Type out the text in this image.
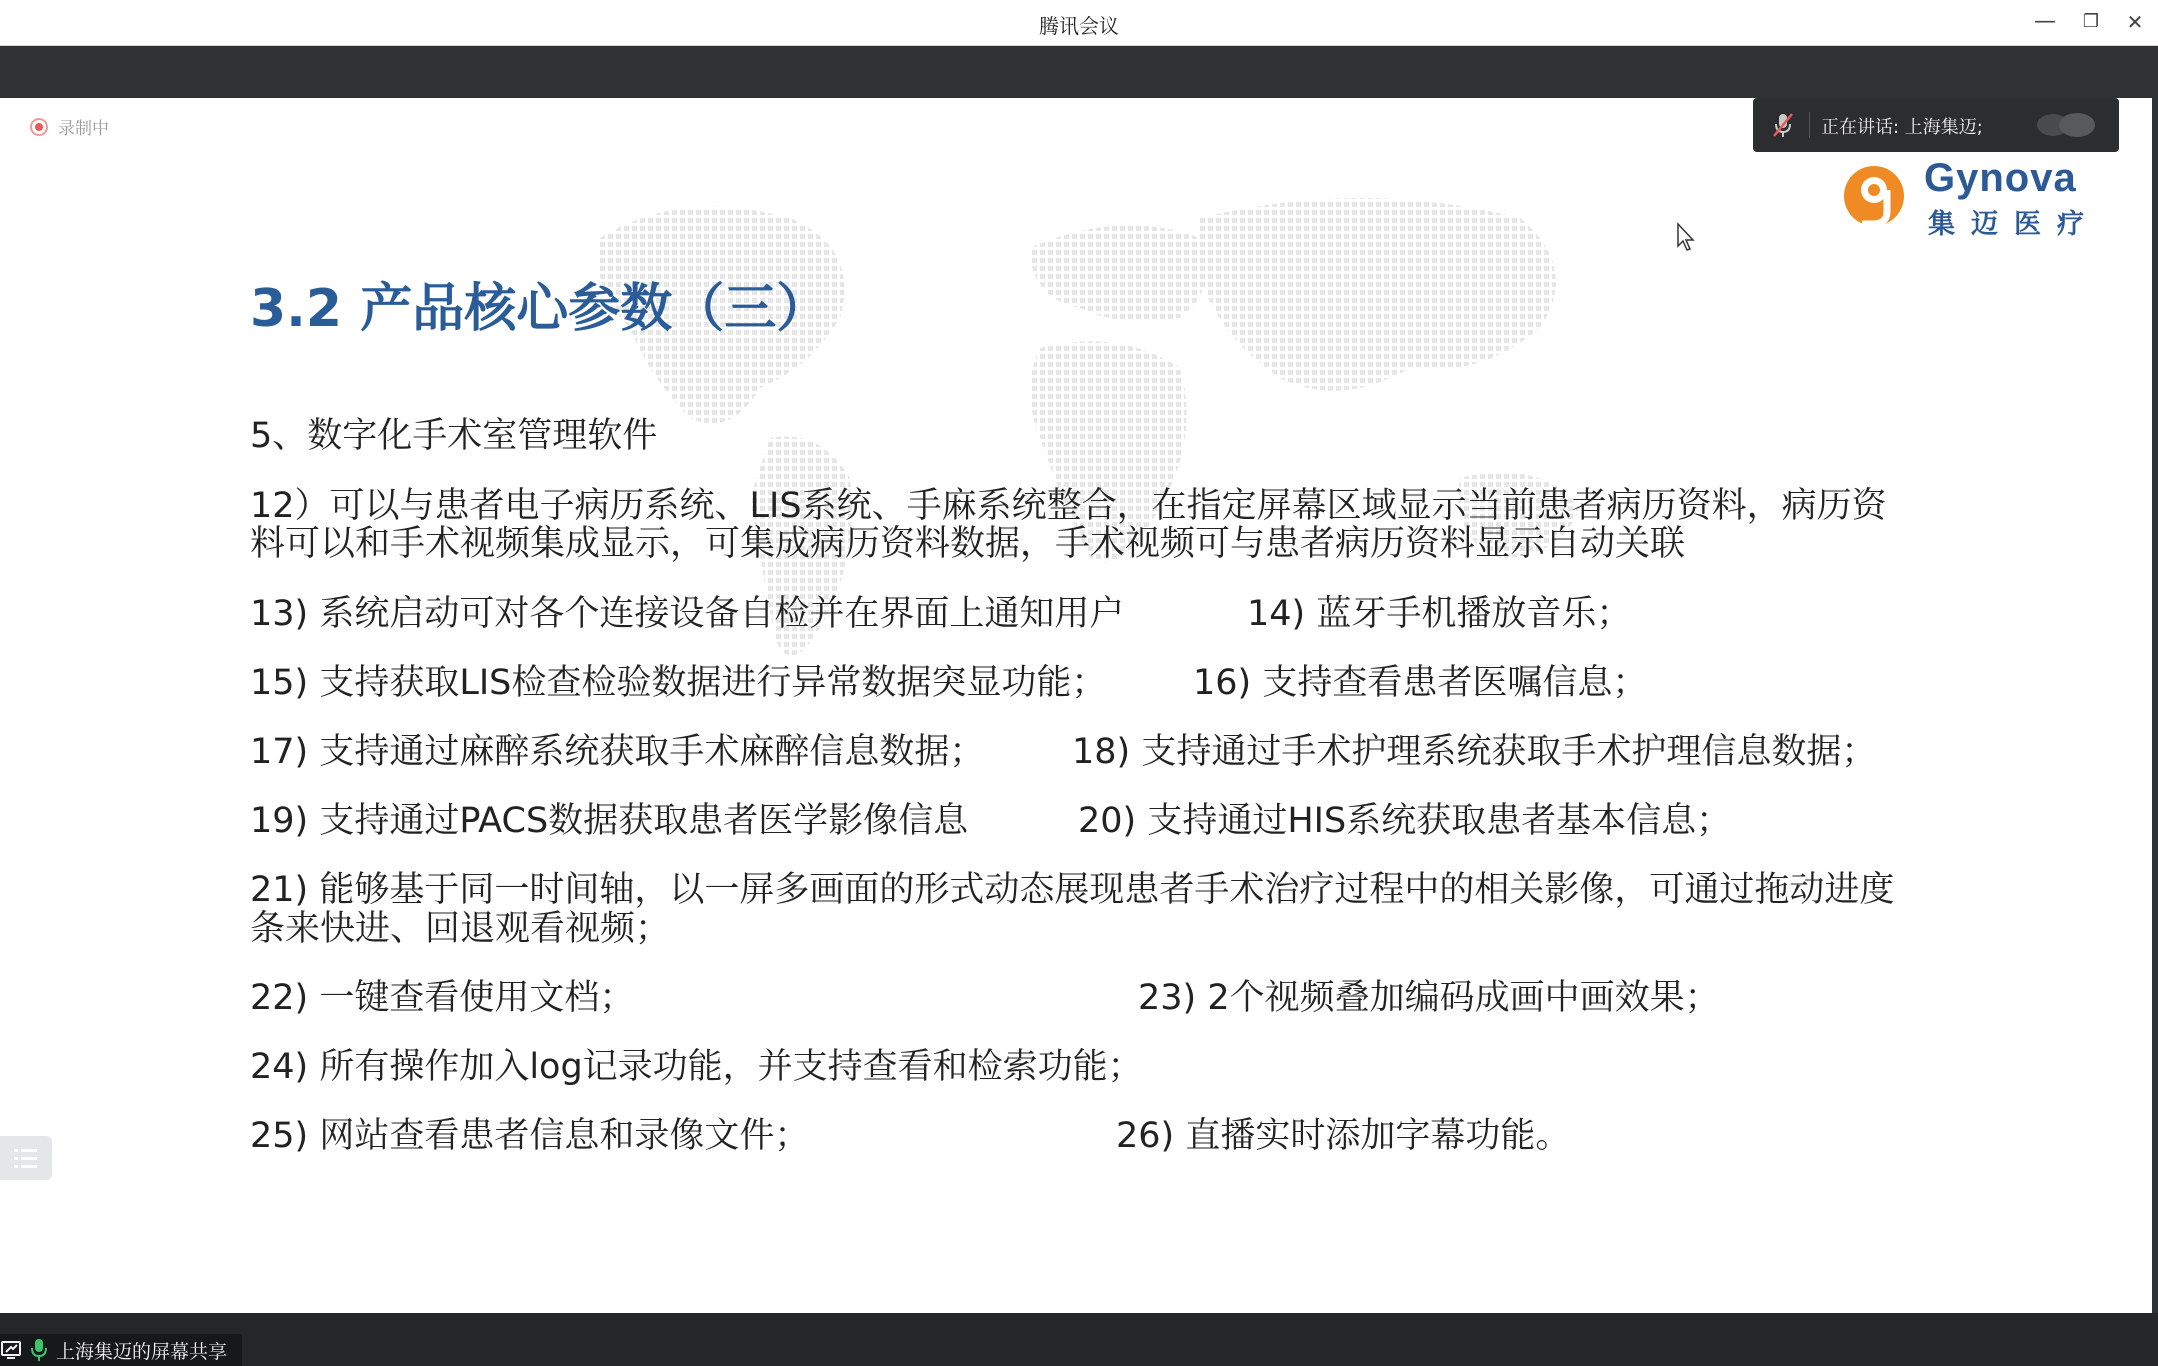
腾讯会议	—	❐	✕
录制中	正在讲话: 上海集迈;
Gynova
集迈医疗
3.2 产品核心参数（三）
5、数字化手术室管理软件
12）可以与患者电子病历系统、LIS系统、手麻系统整合，在指定屏幕区域显示当前患者病历资料，病历资
料可以和手术视频集成显示，可集成病历资料数据，手术视频可与患者病历资料显示自动关联
13) 系统启动可对各个连接设备自检并在界面上通知用户	14) 蓝牙手机播放音乐；
15) 支持获取LIS检查检验数据进行异常数据突显功能； 16) 支持查看患者医嘱信息；
17) 支持通过麻醉系统获取手术麻醉信息数据；	18) 支持通过手术护理系统获取手术护理信息数据；
19) 支持通过PACS数据获取患者医学影像信息	20) 支持通过HIS系统获取患者基本信息；
21) 能够基于同一时间轴，以一屏多画面的形式动态展现患者手术治疗过程中的相关影像，可通过拖动进度
条来快进、回退观看视频；
22) 一键查看使用文档；	23) 2个视频叠加编码成画中画效果；
24) 所有操作加入log记录功能，并支持查看和检索功能；
25) 网站查看患者信息和录像文件；	26) 直播实时添加字幕功能。
上海集迈的屏幕共享
